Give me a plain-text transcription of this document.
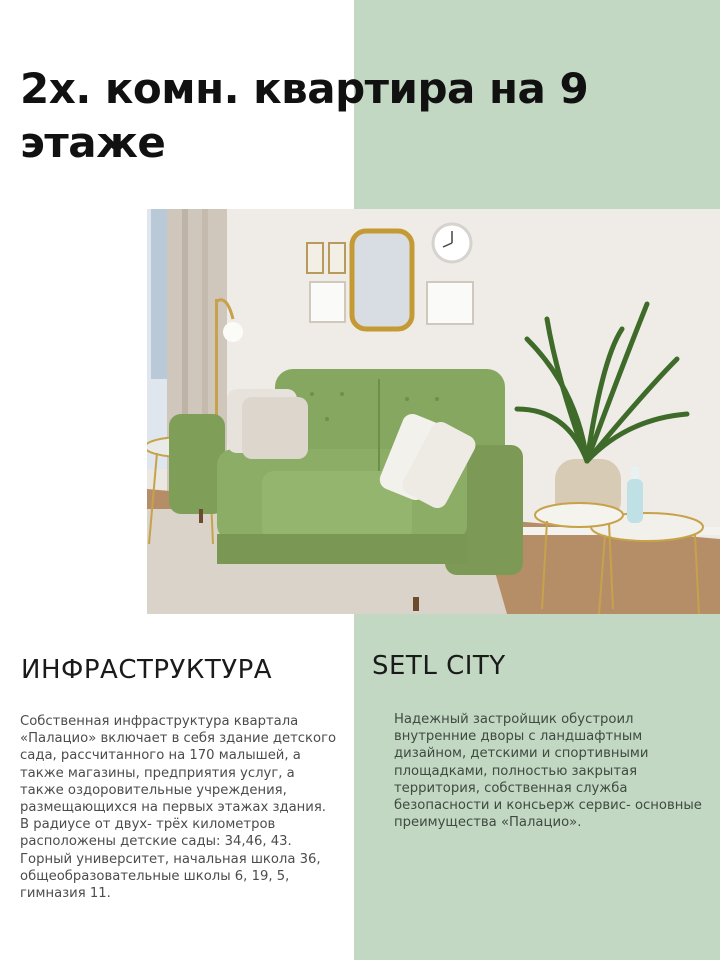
2х. комн. квартира на 9 этаже
ИНФРАСТРУКТУРА

Собственная инфраструктура квартала «Палацио» включает в себя здание детского сада, рассчитанного на 170 малышей, а также магазины, предприятия услуг, а также оздоровительные учреждения, размещающихся на первых этажах здания. В радиусе от двух- трёх километров расположены детские сады: 34,46, 43. Горный университет, начальная школа 36, общеобразовательные школы 6, 19, 5, гимназия 11.

SETL CITY

Надежный застройщик обустроил внутренние дворы с ландшафтным дизайном, детскими и спортивными площадками, полностью закрытая территория, собственная служба безопасности и консьерж сервис- основные преимущества «Палацио».
